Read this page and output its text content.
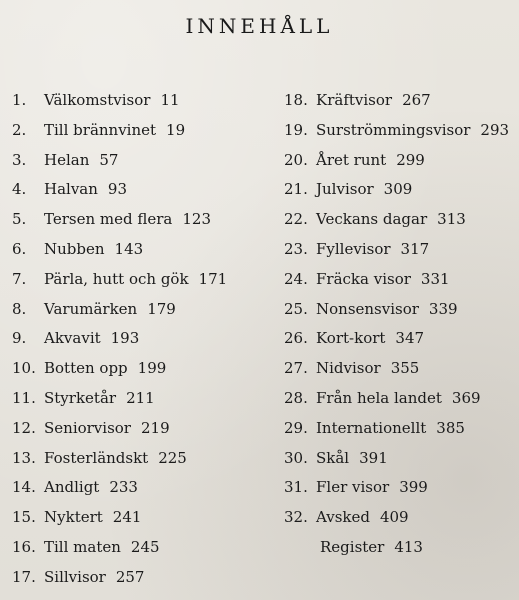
INNEHÅLL
1. Välkomstvisor 11
2. Till brännvinet 19
3. Helan 57
4. Halvan 93
5. Tersen med flera 123
6. Nubben 143
7. Pärla, hutt och gök 171
8. Varumärken 179
9. Akvavit 193
10. Botten opp 199
11. Styrketår 211
12. Seniorvisor 219
13. Fosterländskt 225
14. Andligt 233
15. Nyktert 241
16. Till maten 245
17. Sillvisor 257
18. Kräftvisor 267
19. Surströmmingsvisor 293
20. Året runt 299
21. Julvisor 309
22. Veckans dagar 313
23. Fyllevisor 317
24. Fräcka visor 331
25. Nonsensvisor 339
26. Kort-kort 347
27. Nidvisor 355
28. Från hela landet 369
29. Internationellt 385
30. Skål 391
31. Fler visor 399
32. Avsked 409
Register 413
